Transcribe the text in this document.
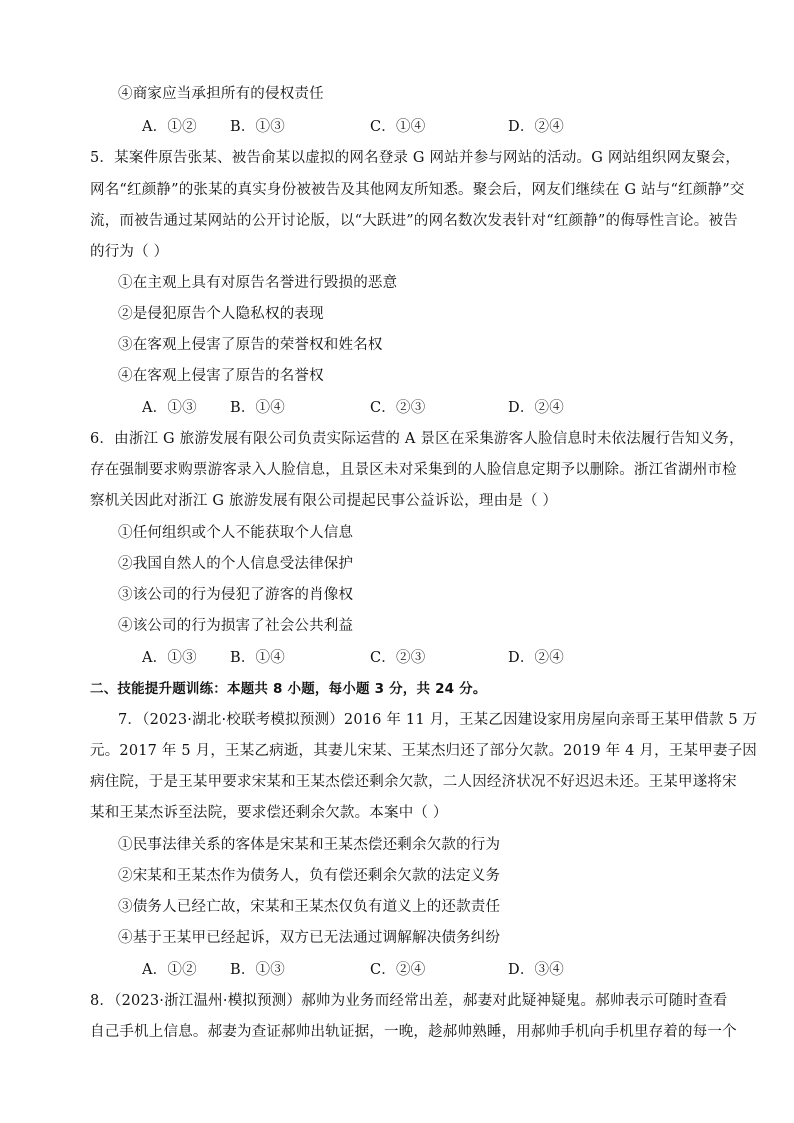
④商家应当承担所有的侵权责任
A．①② B．①③	C．①④	D．②④
5．某案件原告张某、被告俞某以虚拟的网名登录 G 网站并参与网站的活动。G 网站组织网友聚会，
网名“红颜静”的张某的真实身份被被告及其他网友所知悉。聚会后，网友们继续在 G 站与“红颜静”交
流，而被告通过某网站的公开讨论版，以“大跃进”的网名数次发表针对“红颜静”的侮辱性言论。被告
的行为（ ）
①在主观上具有对原告名誉进行毁损的恶意
②是侵犯原告个人隐私权的表现
③在客观上侵害了原告的荣誉权和姓名权
④在客观上侵害了原告的名誉权
A．①③ B．①④	C．②③	D．②④
6．由浙江 G 旅游发展有限公司负责实际运营的 A 景区在采集游客人脸信息时未依法履行告知义务，
存在强制要求购票游客录入人脸信息，且景区未对采集到的人脸信息定期予以删除。浙江省湖州市检
察机关因此对浙江 G 旅游发展有限公司提起民事公益诉讼，理由是（ ）
①任何组织或个人不能获取个人信息
②我国自然人的个人信息受法律保护
③该公司的行为侵犯了游客的肖像权
④该公司的行为损害了社会公共利益
A．①③ B．①④	C．②③	D．②④
二、技能提升题训练：本题共 8 小题，每小题 3 分，共 24 分。
7．（2023·湖北·校联考模拟预测）2016 年 11 月，王某乙因建设家用房屋向亲哥王某甲借款 5 万
元。2017 年 5 月，王某乙病逝，其妻儿宋某、王某杰归还了部分欠款。2019 年 4 月，王某甲妻子因
病住院，于是王某甲要求宋某和王某杰偿还剩余欠款，二人因经济状况不好迟迟未还。王某甲遂将宋
某和王某杰诉至法院，要求偿还剩余欠款。本案中（ ）
①民事法律关系的客体是宋某和王某杰偿还剩余欠款的行为
②宋某和王某杰作为债务人，负有偿还剩余欠款的法定义务
③债务人已经亡故，宋某和王某杰仅负有道义上的还款责任
④基于王某甲已经起诉，双方已无法通过调解解决债务纠纷
A．①② B．①③	C．②④	D．③④
8．（2023·浙江温州·模拟预测）郝帅为业务而经常出差，郝妻对此疑神疑鬼。郝帅表示可随时查看
自己手机上信息。郝妻为查证郝帅出轨证据，一晚，趁郝帅熟睡，用郝帅手机向手机里存着的每一个
